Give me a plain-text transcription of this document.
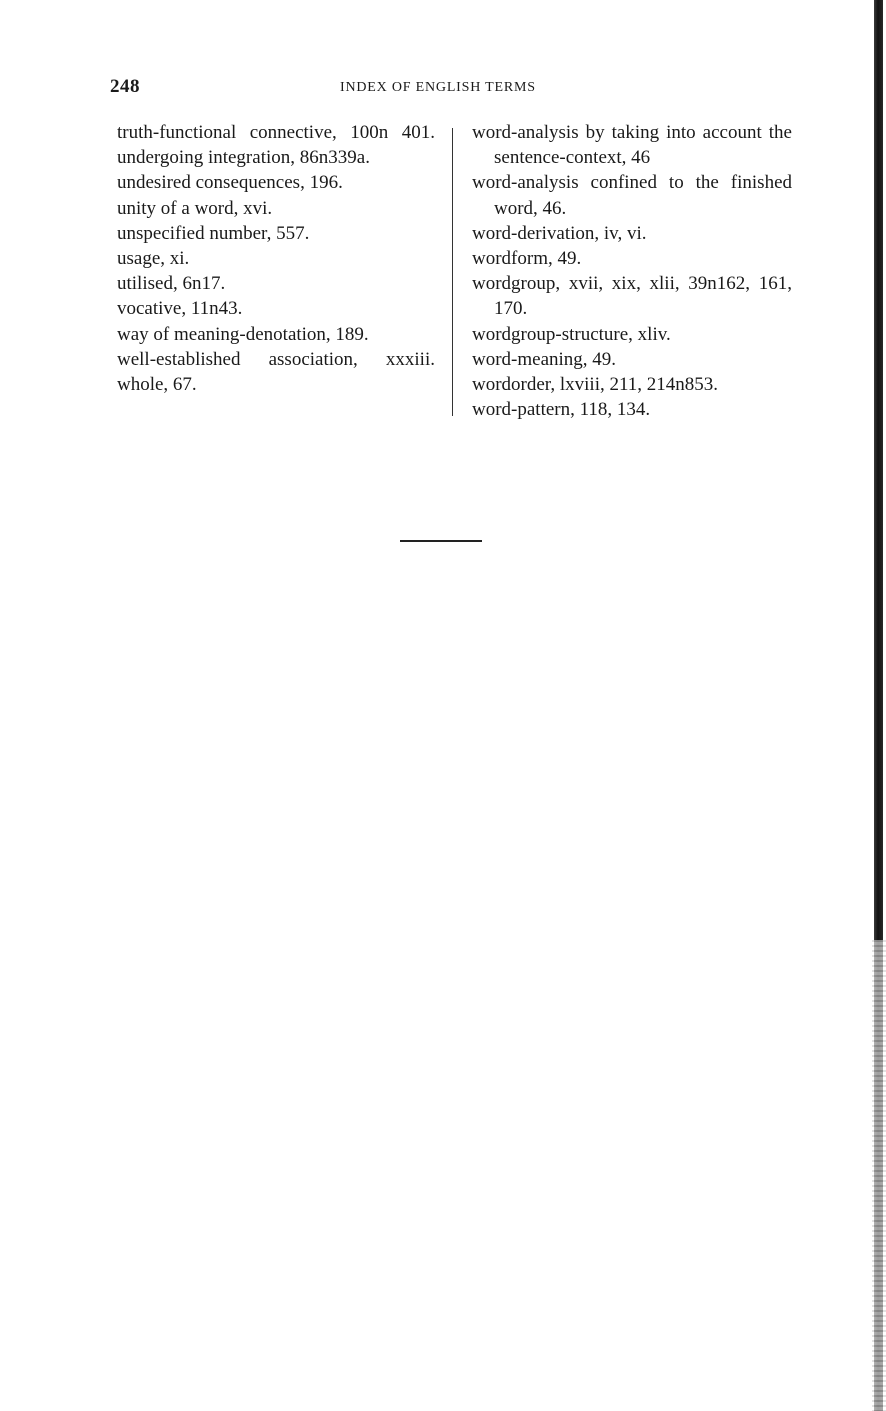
248	INDEX OF ENGLISH TERMS
truth-functional connective, 100n 401.
undergoing integration, 86n339a.
undesired consequences, 196.
unity of a word, xvi.
unspecified number, 557.
usage, xi.
utilised, 6n17.
vocative, 11n43.
way of meaning-denotation, 189.
well-established association, xxxiii.
whole, 67.
word-analysis by taking into account the sentence-context, 46
word-analysis confined to the finished word, 46.
word-derivation, iv, vi.
wordform, 49.
wordgroup, xvii, xix, xlii, 39n162, 161, 170.
wordgroup-structure, xliv.
word-meaning, 49.
wordorder, lxviii, 211, 214n853.
word-pattern, 118, 134.
